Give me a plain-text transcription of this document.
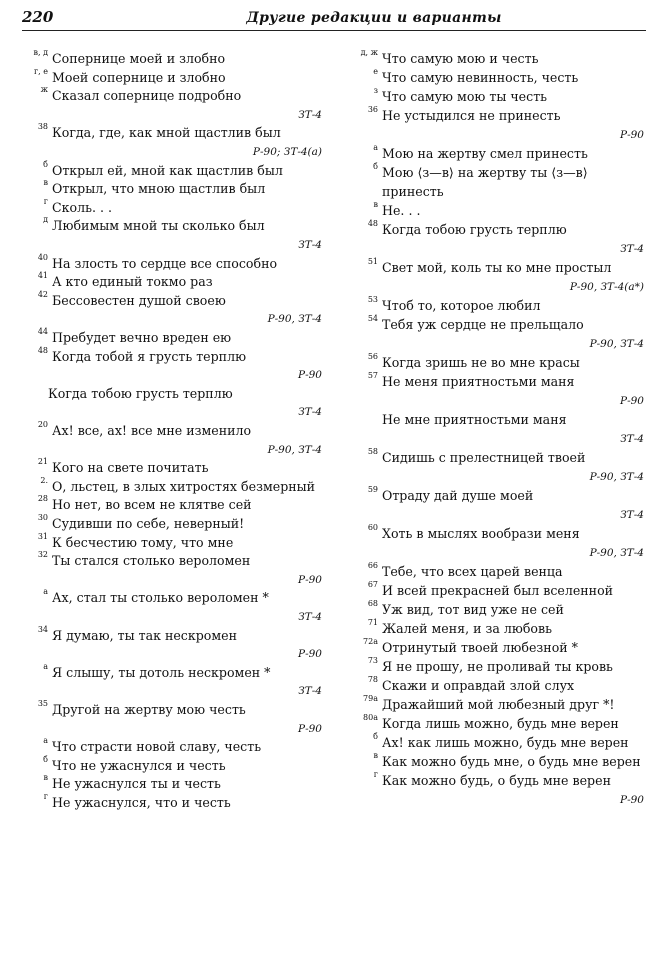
220	Другие редакции и варианты
в, д Сопернице моей и злобно
г, е Моей сопернице и злобно
ж Сказал сопернице подробно
ЗТ-4
38 Когда, где, как мной щастлив был
Р-90; ЗТ-4(а)
б Открыл ей, мной как щастлив был
в Открыл, что мною щастлив был
г Сколь. . .
д Любимым мной ты сколько был
ЗТ-4
40 На злость то сердце все способно
41 А кто единый токмо раз
42 Бессовестен душой своею
Р-90, ЗТ-4
44 Пребудет вечно вреден ею
48 Когда тобой я грусть терплю
Р-90
Когда тобою грусть терплю
ЗТ-4
20 Ах! все, ах! все мне изменило
Р-90, ЗТ-4
21 Кого на свете почитать
2. О, льстец, в злых хитростях безмерный
28 Но нет, во всем не клятве сей
30 Судивши по себе, неверный!
31 К бесчестию тому, что мне
32 Ты стался столько вероломен
Р-90
а Ах, стал ты столько вероломен *
ЗТ-4
34 Я думаю, ты так нескромен
Р-90
а Я слышу, ты дотоль нескромен *
ЗТ-4
35 Другой на жертву мою честь
Р-90
а Что страсти новой славу, честь
б Что не ужаснулся и честь
в Не ужаснулся ты и честь
г Не ужаснулся, что и честь
д, ж Что самую мою и честь
е Что самую невинность, честь
з Что самую мою ты честь
36 Не устыдился не принесть
Р-90
а Мою на жертву смел принесть
б Мою ⟨з—в⟩ на жертву ты ⟨з—в⟩
принесть
в Не. . .
48 Когда тобою грусть терплю
ЗТ-4
51 Свет мой, коль ты ко мне простыл
Р-90, ЗТ-4(а*)
53 Чтоб то, которое любил
54 Тебя уж сердце не прельщало
Р-90, ЗТ-4
56 Когда зришь не во мне красы
57 Не меня приятностьми маня
Р-90
Не мне приятностьми маня
ЗТ-4
58 Сидишь с прелестницей твоей
Р-90, ЗТ-4
59 Отраду дай душе моей
ЗТ-4
60 Хоть в мыслях вообрази меня
Р-90, ЗТ-4
66 Тебе, что всех царей венца
67 И всей прекрасней был вселенной
68 Уж вид, тот вид уже не сей
71 Жалей меня, и за любовь
72а Отринутый твоей любезной *
73 Я не прошу, не проливай ты кровь
78 Скажи и оправдай злой слух
79а Дражайший мой любезный друг *!
80а Когда лишь можно, будь мне верен
б Ах! как лишь можно, будь мне верен
в Как можно будь мне, о будь мне верен
г Как можно будь, о будь мне верен
Р-90
